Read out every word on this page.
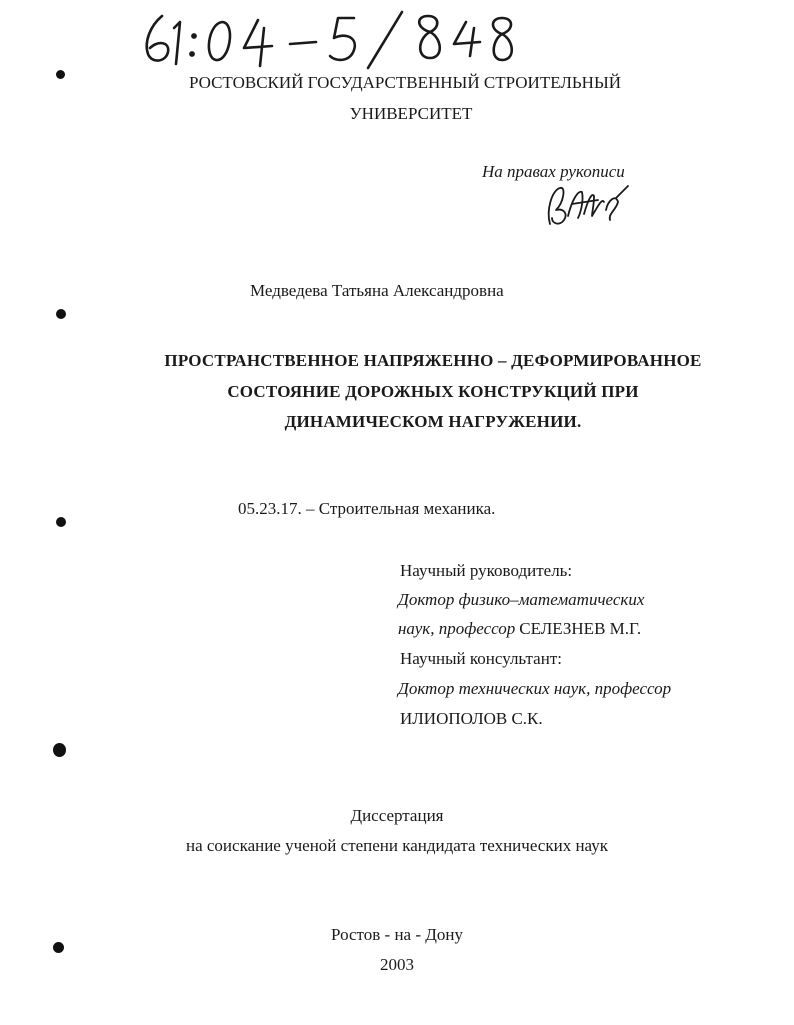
РОСТОВСКИЙ ГОСУДАРСТВЕННЫЙ СТРОИТЕЛЬНЫЙ
УНИВЕРСИТЕТ
На правах рукописи
Медведева Татьяна Александровна
ПРОСТРАНСТВЕННОЕ НАПРЯЖЕННО – ДЕФОРМИРОВАННОЕ
СОСТОЯНИЕ ДОРОЖНЫХ КОНСТРУКЦИЙ ПРИ
ДИНАМИЧЕСКОМ НАГРУЖЕНИИ.
05.23.17. – Строительная механика.
Научный руководитель:
Доктор физико–математических
наук, профессор СЕЛЕЗНЕВ М.Г.
Научный консультант:
Доктор технических наук, профессор
ИЛИОПОЛОВ С.К.
Диссертация
на соискание ученой степени кандидата технических наук
Ростов - на - Дону
2003
